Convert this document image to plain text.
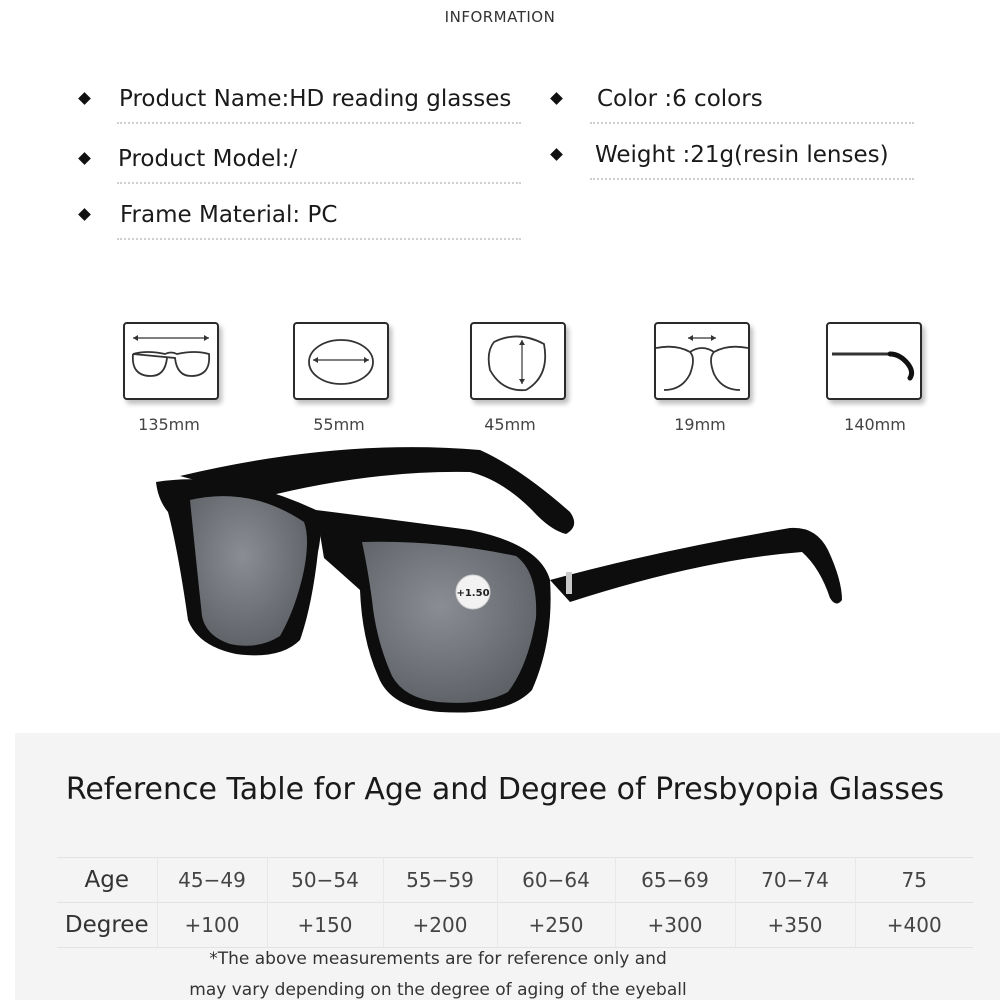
INFORMATION
Product Name:HD reading glasses
Product Model:/
Frame Material: PC
Color :6 colors
Weight :21g(resin lenses)
135mm	55mm	45mm	19mm	140mm
+1.50
Reference Table for Age and Degree of Presbyopia Glasses
Age	45−49	50−54	55−59	60−64	65−69	70−74	75
Degree	+100	+150	+200	+250	+300	+350	+400
*The above measurements are for reference only and
may vary depending on the degree of aging of the eyeball
